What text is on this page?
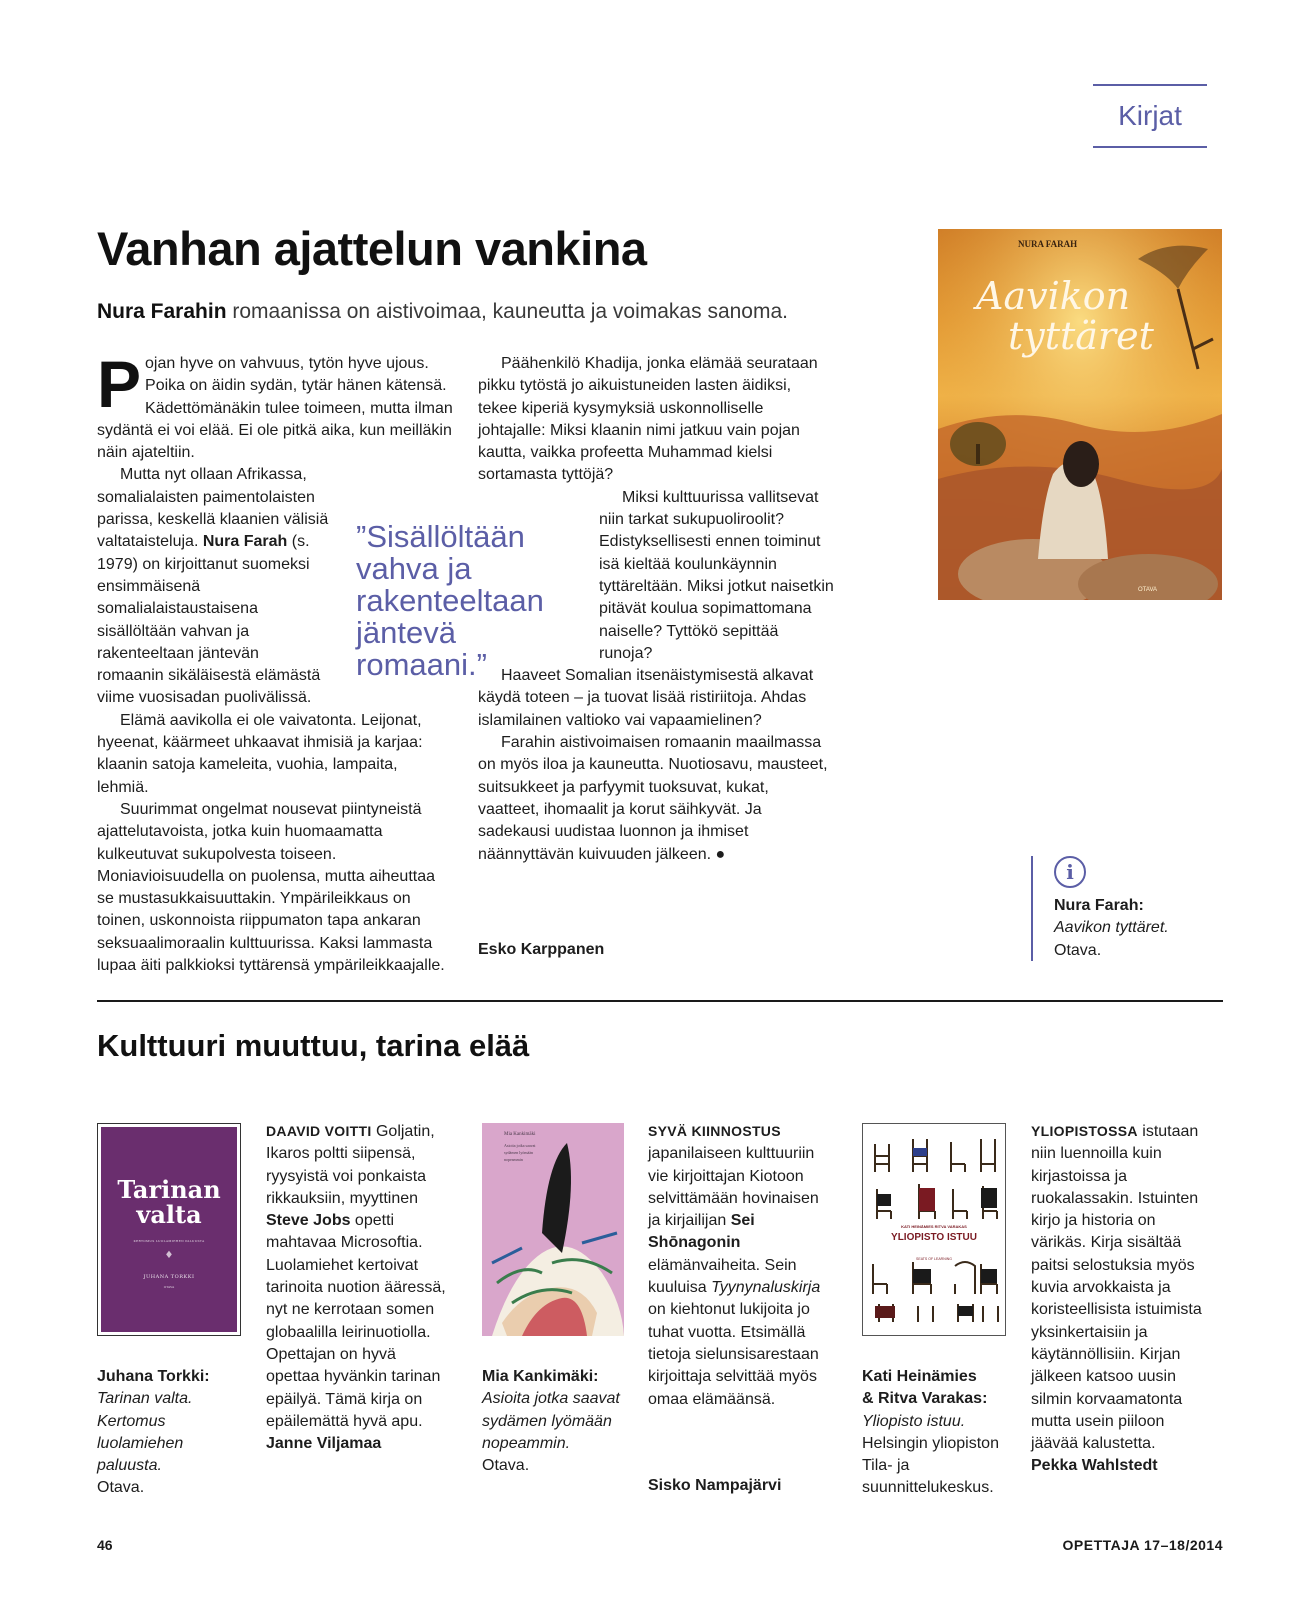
Kirjat
Vanhan ajattelun vankina

Nura Farahin romaanissa on aistivoimaa, kauneutta ja voimakas sanoma.

Pojan hyve on vahvuus, tytön hyve ujous. Poika on äidin sydän, tytär hänen kätensä. Kädettömänäkin tulee toimeen, mutta ilman sydäntä ei voi elää. Ei ole pitkä aika, kun meilläkin näin ajateltiin.

Mutta nyt ollaan Afrikassa, somalialaisten paimentolaisten parissa, keskellä klaanien välisiä valtataisteluja. Nura Farah (s. 1979) on kirjoittanut suomeksi ensimmäisenä somalialaistaustaisena sisällöltään vahvan ja rakenteeltaan jäntevän romaanin sikäläisestä elämästä viime vuosisadan puolivälissä.

Elämä aavikolla ei ole vaivatonta. Leijonat, hyeenat, käärmeet uhkaavat ihmisiä ja karjaa: klaanin satoja kameleita, vuohia, lampaita, lehmiä.

Suurimmat ongelmat nousevat piintyneistä ajattelutavoista, jotka kuin huomaamatta kulkeutuvat sukupolvesta toiseen. Moniavioisuudella on puolensa, mutta aiheuttaa se mustasukkaisuuttakin. Ympärileikkaus on toinen, uskonnoista riippumaton tapa ankaran seksuaalimoraalin kulttuurissa. Kaksi lammasta lupaa äiti palkkioksi tyttärensä ympärileikkaajalle.

”Sisällöltään vahva ja rakenteeltaan jäntevä romaani.”

Päähenkilö Khadija, jonka elämää seurataan pikku tytöstä jo aikuistuneiden lasten äidiksi, tekee kiperiä kysymyksiä uskonnolliselle johtajalle: Miksi klaanin nimi jatkuu vain pojan kautta, vaikka profeetta Muhammad kielsi sortamasta tyttöjä?

Miksi kulttuurissa vallitsevat niin tarkat sukupuoliroolit? Edistyksellisesti ennen toiminut isä kieltää koulunkäynnin tyttäreltään. Miksi jotkut naisetkin pitävät koulua sopimattomana naiselle? Tyttökö sepittää runoja?

Haaveet Somalian itsenäistymisestä alkavat käydä toteen – ja tuovat lisää ristiriitoja. Ahdas islamilainen valtioko vai vapaamielinen?

Farahin aistivoimaisen romaanin maailmassa on myös iloa ja kauneutta. Nuotiosavu, mausteet, suitsukkeet ja parfyymit tuoksuvat, kukat, vaatteet, ihomaalit ja korut säihkyvät. Ja sadekausi uudistaa luonnon ja ihmiset näännyttävän kuivuuden jälkeen. ●

Esko Karppanen
NURA FARAH
Aavikon
tyttäret
OTAVA
i
Nura Farah:
Aavikon tyttäret.
Otava.
Kulttuuri muuttuu, tarina elää
Tarinan
valta
KERTOMUS LUOLAMIEHEN PALUUSTA
♦
JUHANA TORKKI
OTAVA
Juhana Torkki:
Tarinan valta. Kertomus luolamiehen paluusta.
Otava.
DAAVID VOITTI Goljatin, Ikaros poltti siipensä, ryysyistä voi ponkaista rikkauksiin, myyttinen Steve Jobs opetti mahtavaa Microsoftia. Luolamiehet kertoivat tarinoita nuotion ääressä, nyt ne kerrotaan somen globaalilla leirinuotiolla. Opettajan on hyvä opettaa hyvänkin tarinan epäilyä. Tämä kirja on epäilemättä hyvä apu.
Janne Viljamaa
Mia Kankimäki
Asioita jotka saavat sydämen lyömään nopeammin
Mia Kankimäki:
Asioita jotka saavat sydämen lyömään nopeammin.
Otava.
SYVÄ KIINNOSTUS japanilaiseen kulttuuriin vie kirjoittajan Kiotoon selvittämään hovinaisen ja kirjailijan Sei Shōnagonin elämänvaiheita. Sein kuuluisa Tyynynaluskirja on kiehtonut lukijoita jo tuhat vuotta. Etsimällä tietoja sielunsisarestaan kirjoittaja selvittää myös omaa elämäänsä.
Sisko Nampajärvi
KATI HEINÄMIES RITVA VARAKAS
YLIOPISTO ISTUU
SEATS OF LEARNING
Kati Heinämies
& Ritva Varakas:
Yliopisto istuu.
Helsingin yliopiston Tila- ja suunnittelukeskus.
YLIOPISTOSSA istutaan niin luennoilla kuin kirjastoissa ja ruokalassakin. Istuinten kirjo ja historia on värikäs. Kirja sisältää paitsi selostuksia myös kuvia arvokkaista ja koristeellisista istuimista yksinkertaisiin ja käytännöllisiin. Kirjan jälkeen katsoo uusin silmin korvaamatonta mutta usein piiloon jäävää kalustetta.
Pekka Wahlstedt
46	OPETTAJA 17–18/2014
